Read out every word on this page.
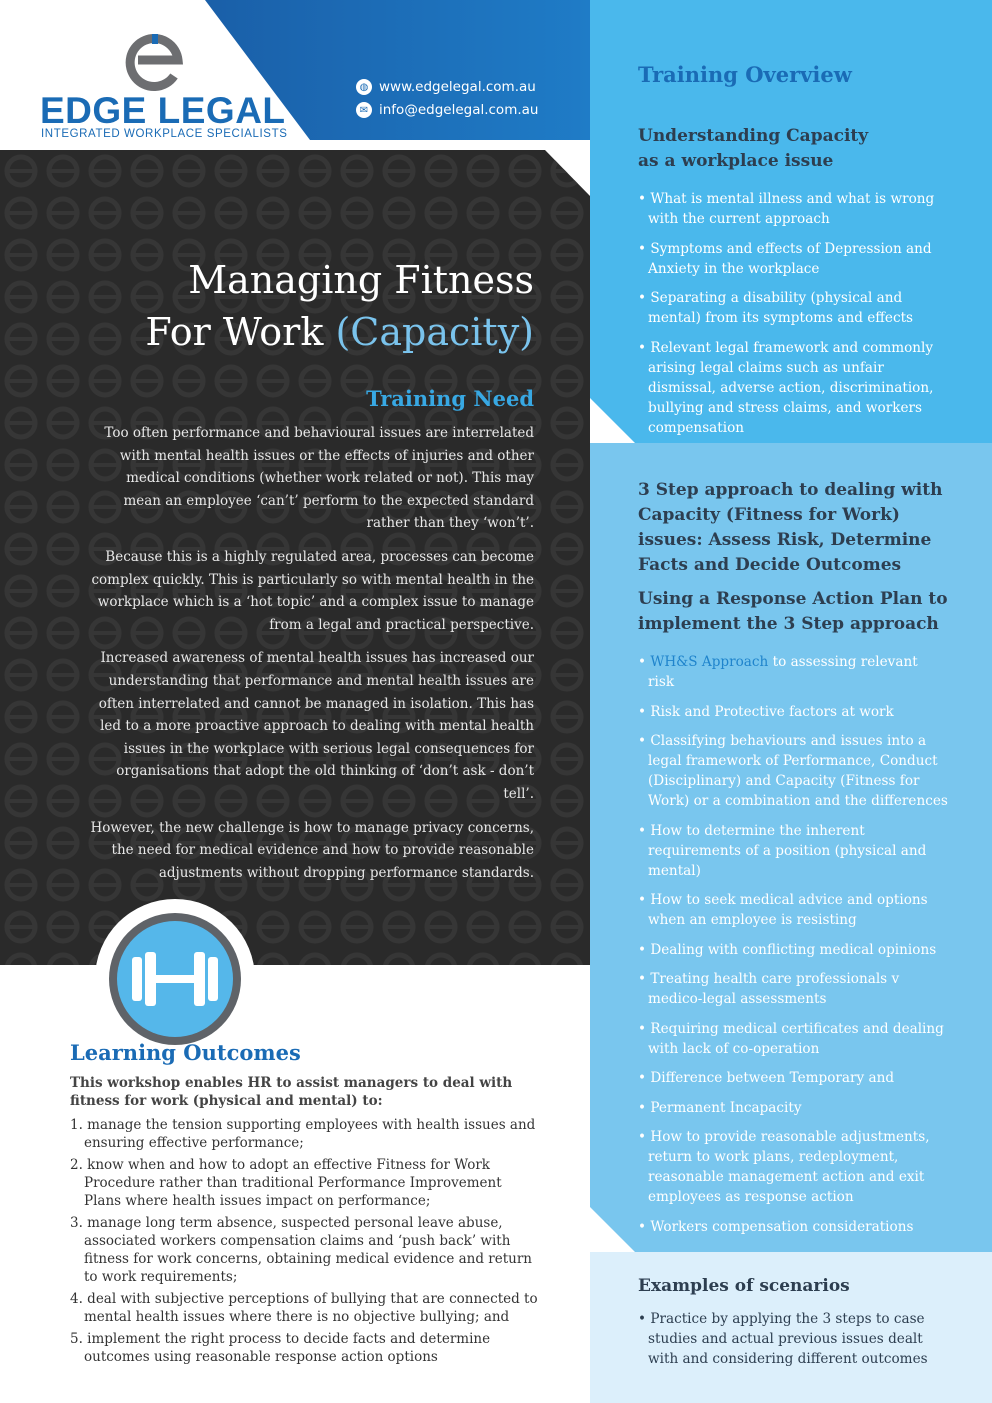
EDGE LEGAL
INTEGRATED WORKPLACE SPECIALISTS
◍ www.edgelegal.com.au
✉ info@edgelegal.com.au
Managing Fitness
For Work (Capacity)
Training Need

Too often performance and behavioural issues are interrelated with mental health issues or the effects of injuries and other medical conditions (whether work related or not). This may mean an employee ‘can’t’ perform to the expected standard rather than they ‘won’t’.

Because this is a highly regulated area, processes can become complex quickly. This is particularly so with mental health in the workplace which is a ‘hot topic’ and a complex issue to manage from a legal and practical perspective.

Increased awareness of mental health issues has increased our understanding that performance and mental health issues are often interrelated and cannot be managed in isolation. This has led to a more proactive approach to dealing with mental health issues in the workplace with serious legal consequences for organisations that adopt the old thinking of ‘don’t ask - don’t tell’.

However, the new challenge is how to manage privacy concerns, the need for medical evidence and how to provide reasonable adjustments without dropping performance standards.

Learning Outcomes

This workshop enables HR to assist managers to deal with fitness for work (physical and mental) to:

1. manage the tension supporting employees with health issues and ensuring effective performance;
2. know when and how to adopt an effective Fitness for Work Procedure rather than traditional Performance Improvement Plans where health issues impact on performance;
3. manage long term absence, suspected personal leave abuse, associated workers compensation claims and ‘push back’ with fitness for work concerns, obtaining medical evidence and return to work requirements;
4. deal with subjective perceptions of bullying that are connected to mental health issues where there is no objective bullying; and
5. implement the right process to decide facts and determine outcomes using reasonable response action options
Training Overview
Understanding Capacity
as a workplace issue
• What is mental illness and what is wrong with the current approach
• Symptoms and effects of Depression and Anxiety in the workplace
• Separating a disability (physical and mental) from its symptoms and effects
• Relevant legal framework and commonly arising legal claims such as unfair dismissal, adverse action, discrimination, bullying and stress claims, and workers compensation
3 Step approach to dealing with Capacity (Fitness for Work) issues: Assess Risk, Determine Facts and Decide Outcomes
Using a Response Action Plan to implement the 3 Step approach
• WH&S Approach to assessing relevant risk
• Risk and Protective factors at work
• Classifying behaviours and issues into a legal framework of Performance, Conduct (Disciplinary) and Capacity (Fitness for Work) or a combination and the differences
• How to determine the inherent requirements of a position (physical and mental)
• How to seek medical advice and options when an employee is resisting
• Dealing with conflicting medical opinions
• Treating health care professionals v medico-legal assessments
• Requiring medical certificates and dealing with lack of co-operation
• Difference between Temporary and
• Permanent Incapacity
• How to provide reasonable adjustments, return to work plans, redeployment, reasonable management action and exit employees as response action
• Workers compensation considerations
Examples of scenarios
• Practice by applying the 3 steps to case studies and actual previous issues dealt with and considering different outcomes
